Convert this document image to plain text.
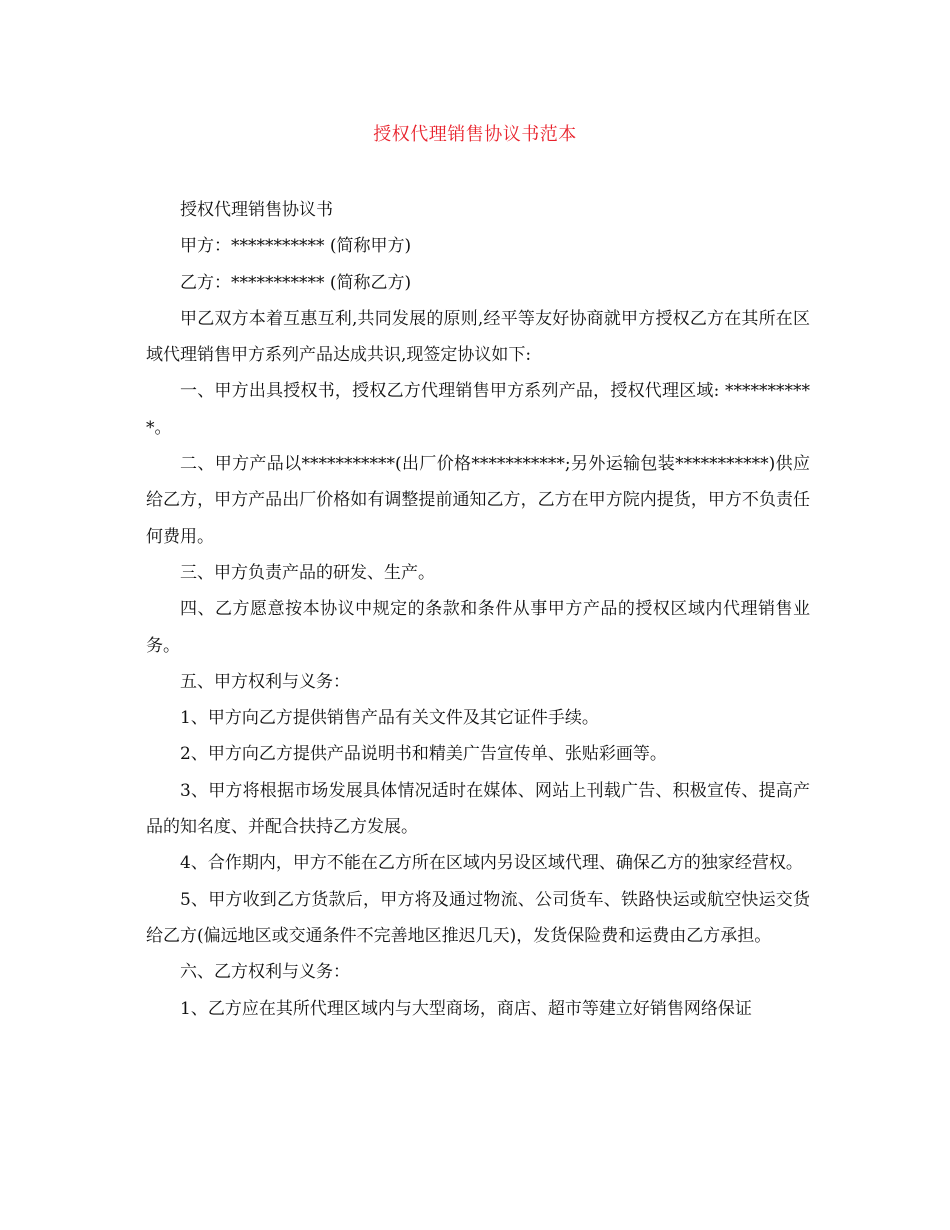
授权代理销售协议书范本

授权代理销售协议书

甲方：*********** (简称甲方)

乙方：*********** (简称乙方)

甲乙双方本着互惠互利,共同发展的原则,经平等友好协商就甲方授权乙方在其所在区域代理销售甲方系列产品达成共识,现签定协议如下:

一、甲方出具授权书，授权乙方代理销售甲方系列产品，授权代理区域: ***********。

二、甲方产品以***********(出厂价格***********;另外运输包装***********)供应给乙方，甲方产品出厂价格如有调整提前通知乙方，乙方在甲方院内提货，甲方不负责任何费用。

三、甲方负责产品的研发、生产。

四、乙方愿意按本协议中规定的条款和条件从事甲方产品的授权区域内代理销售业务。

五、甲方权利与义务：

1、甲方向乙方提供销售产品有关文件及其它证件手续。

2、甲方向乙方提供产品说明书和精美广告宣传单、张贴彩画等。

3、甲方将根据市场发展具体情况适时在媒体、网站上刊载广告、积极宣传、提高产品的知名度、并配合扶持乙方发展。

4、合作期内，甲方不能在乙方所在区域内另设区域代理、确保乙方的独家经营权。

5、甲方收到乙方货款后，甲方将及通过物流、公司货车、铁路快运或航空快运交货给乙方(偏远地区或交通条件不完善地区推迟几天)，发货保险费和运费由乙方承担。

六、乙方权利与义务：

1、乙方应在其所代理区域内与大型商场，商店、超市等建立好销售网络保证
